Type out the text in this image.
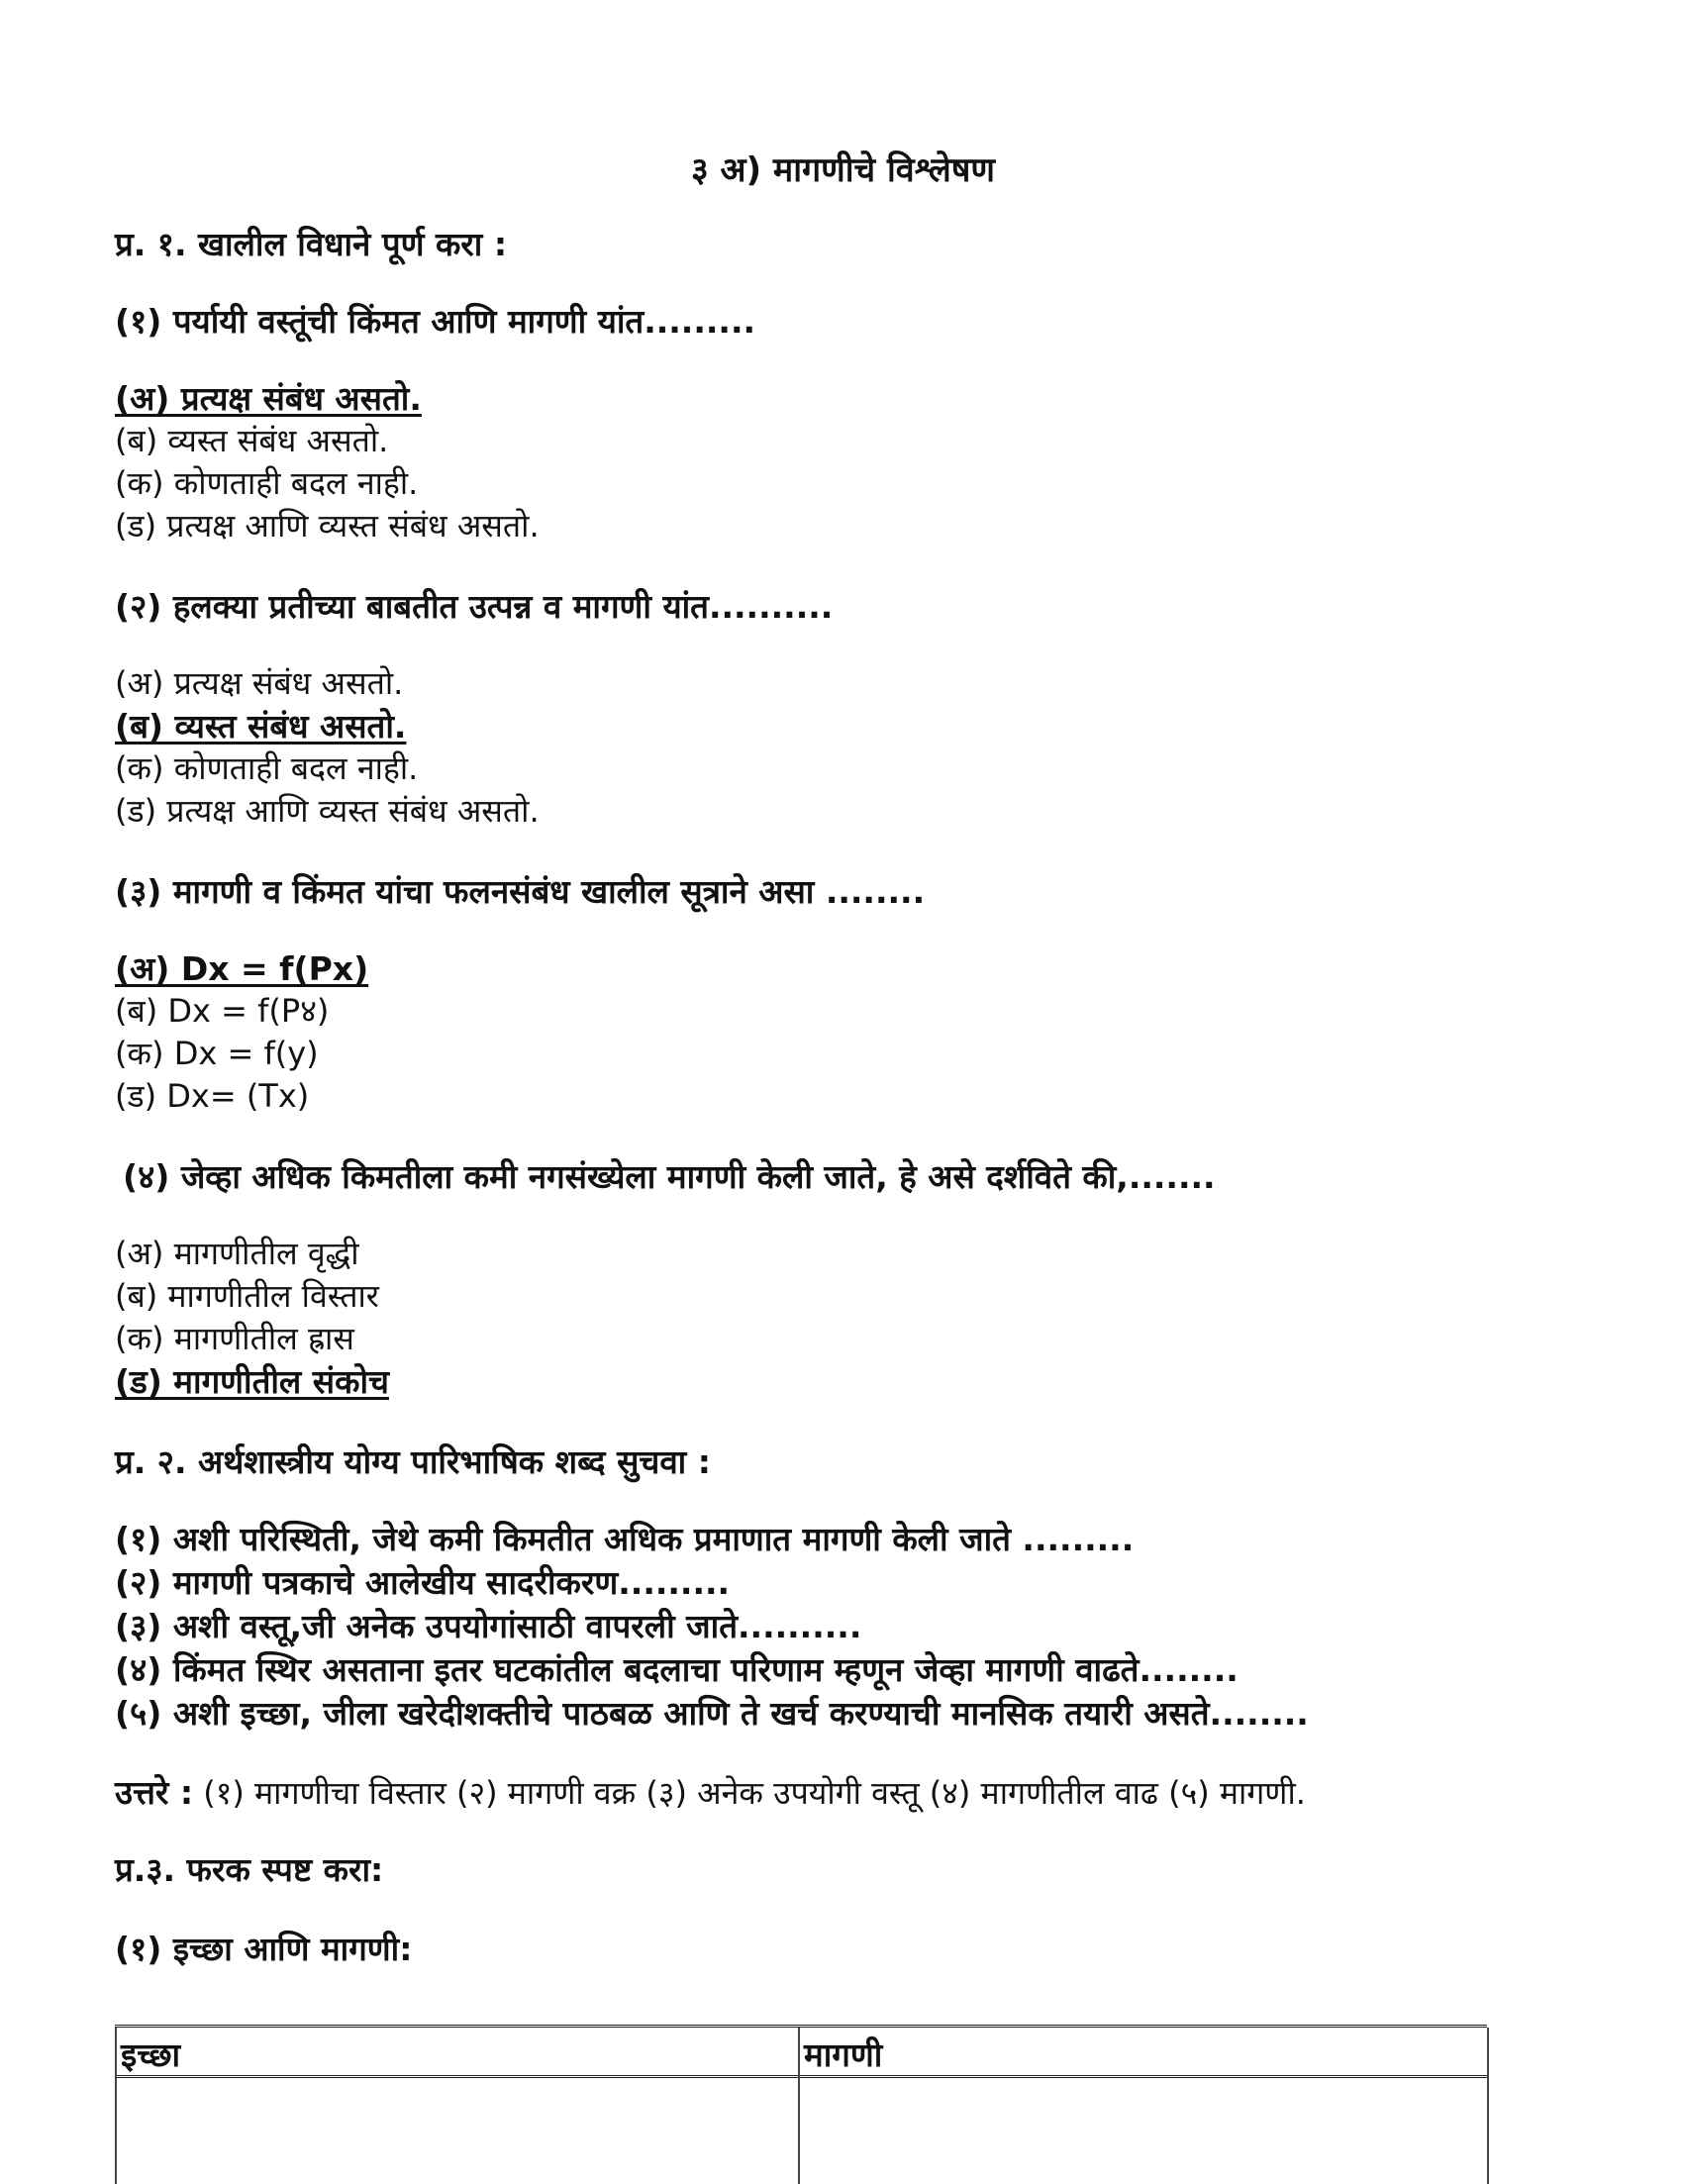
३ अ) मागणीचे विश्लेषण
प्र. १. खालील विधाने पूर्ण करा :
(१) पर्यायी वस्तूंची किंमत आणि मागणी यांत.........
(अ) प्रत्यक्ष संबंध असतो.
(ब) व्यस्त संबंध असतो.
(क) कोणताही बदल नाही.
(ड) प्रत्यक्ष आणि व्यस्त संबंध असतो.
(२) हलक्या प्रतीच्या बाबतीत उत्पन्न व मागणी यांत..........
(अ) प्रत्यक्ष संबंध असतो.
(ब) व्यस्त संबंध असतो.
(क) कोणताही बदल नाही.
(ड) प्रत्यक्ष आणि व्यस्त संबंध असतो.
(३) मागणी व किंमत यांचा फलनसंबंध खालील सूत्राने असा ........
(अ) Dx = f(Px)
(ब) Dx = f(P४)
(क) Dx = f(y)
(ड) Dx= (Tx)
(४) जेव्हा अधिक किमतीला कमी नगसंख्येला मागणी केली जाते, हे असे दर्शविते की,.......
(अ) मागणीतील वृद्धी
(ब) मागणीतील विस्तार
(क) मागणीतील ह्रास
(ड) मागणीतील संकोच
प्र. २. अर्थशास्त्रीय योग्य पारिभाषिक शब्द सुचवा :
(१) अशी परिस्थिती, जेथे कमी किमतीत अधिक प्रमाणात मागणी केली जाते .........
(२) मागणी पत्रकाचे आलेखीय सादरीकरण.........
(३) अशी वस्तू,जी अनेक उपयोगांसाठी वापरली जाते..........
(४) किंमत स्थिर असताना इतर घटकांतील बदलाचा परिणाम म्हणून जेव्हा मागणी वाढते........
(५) अशी इच्छा, जीला खरेदीशक्तीचे पाठबळ आणि ते खर्च करण्याची मानसिक तयारी असते........
उत्तरे : (१) मागणीचा विस्तार (२) मागणी वक्र (३) अनेक उपयोगी वस्तू (४) मागणीतील वाढ (५) मागणी.
प्र.३. फरक स्पष्ट करा:
(१) इच्छा आणि मागणी:
इच्छा	मागणी
